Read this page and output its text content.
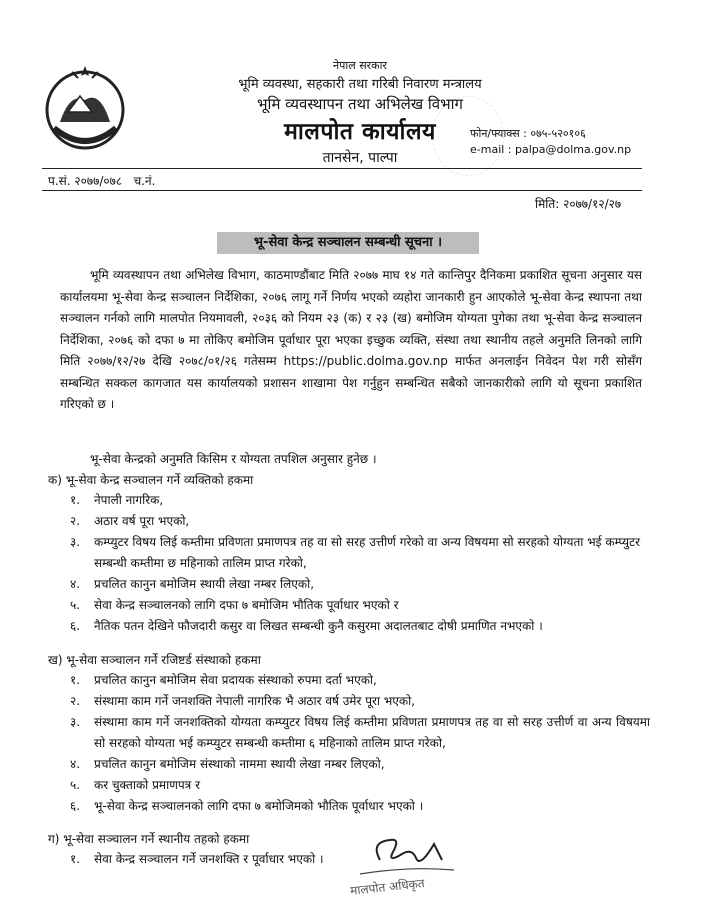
नेपाल सरकार
भूमि व्यवस्था, सहकारी तथा गरिबी निवारण मन्त्रालय
भूमि व्यवस्थापन तथा अभिलेख विभाग
मालपोत कार्यालय
तानसेन, पाल्पा
फोन/फ्याक्स : ०७५-५२०१०६
e-mail : palpa@dolma.gov.np
प.सं. २०७७/०७८ च.नं.
मिति: २०७७/१२/२७
भू-सेवा केन्द्र सञ्चालन सम्बन्धी सूचना ।
भूमि व्यवस्थापन तथा अभिलेख विभाग, काठमाण्डौंबाट मिति २०७७ माघ १४ गते कान्तिपुर दैनिकमा प्रकाशित सूचना अनुसार यस कार्यालयमा भू-सेवा केन्द्र सञ्चालन निर्देशिका, २०७६ लागू गर्ने निर्णय भएको व्यहोरा जानकारी हुन आएकोले भू-सेवा केन्द्र स्थापना तथा सञ्चालन गर्नको लागि मालपोत नियमावली, २०३६ को नियम २३ (क) र २३ (ख) बमोजिम योग्यता पुगेका तथा भू-सेवा केन्द्र सञ्चालन निर्देशिका, २०७६ को दफा ७ मा तोकिए बमोजिम पूर्वाधार पूरा भएका इच्छुक व्यक्ति, संस्था तथा स्थानीय तहले अनुमति लिनको लागि मिति २०७७/१२/२७ देखि २०७८/०१/२६ गतेसम्म https://public.dolma.gov.np मार्फत अनलाईन निवेदन पेश गरी सोसँग सम्बन्धित सक्कल कागजात यस कार्यालयको प्रशासन शाखामा पेश गर्नुहुन सम्बन्धित सबैको जानकारीको लागि यो सूचना प्रकाशित गरिएको छ ।
भू-सेवा केन्द्रको अनुमति किसिम र योग्यता तपशिल अनुसार हुनेछ ।
क) भू-सेवा केन्द्र सञ्चालन गर्ने व्यक्तिको हकमा
१. नेपाली नागरिक,
२. अठार वर्ष पूरा भएको,
३. कम्प्युटर विषय लिई कम्तीमा प्रविणता प्रमाणपत्र तह वा सो सरह उत्तीर्ण गरेको वा अन्य विषयमा सो सरहको योग्यता भई कम्प्युटर सम्बन्धी कम्तीमा छ महिनाको तालिम प्राप्त गरेको,
४. प्रचलित कानुन बमोजिम स्थायी लेखा नम्बर लिएको,
५. सेवा केन्द्र सञ्चालनको लागि दफा ७ बमोजिम भौतिक पूर्वाधार भएको र
६. नैतिक पतन देखिने फौजदारी कसुर वा लिखत सम्बन्धी कुनै कसुरमा अदालतबाट दोषी प्रमाणित नभएको ।
ख) भू-सेवा सञ्चालन गर्ने रजिष्टर्ड संस्थाको हकमा
१. प्रचलित कानुन बमोजिम सेवा प्रदायक संस्थाको रुपमा दर्ता भएको,
२. संस्थामा काम गर्ने जनशक्ति नेपाली नागरिक भै अठार वर्ष उमेर पूरा भएको,
३. संस्थामा काम गर्ने जनशक्तिको योग्यता कम्प्युटर विषय लिई कम्तीमा प्रविणता प्रमाणपत्र तह वा सो सरह उत्तीर्ण वा अन्य विषयमा सो सरहको योग्यता भई कम्प्युटर सम्बन्धी कम्तीमा ६ महिनाको तालिम प्राप्त गरेको,
४. प्रचलित कानुन बमोजिम संस्थाको नाममा स्थायी लेखा नम्बर लिएको,
५. कर चुक्ताको प्रमाणपत्र र
६. भू-सेवा केन्द्र सञ्चालनको लागि दफा ७ बमोजिमको भौतिक पूर्वाधार भएको ।
ग) भू-सेवा सञ्चालन गर्ने स्थानीय तहको हकमा
१. सेवा केन्द्र सञ्चालन गर्ने जनशक्ति र पूर्वाधार भएको ।
मालपोत अधिकृत
